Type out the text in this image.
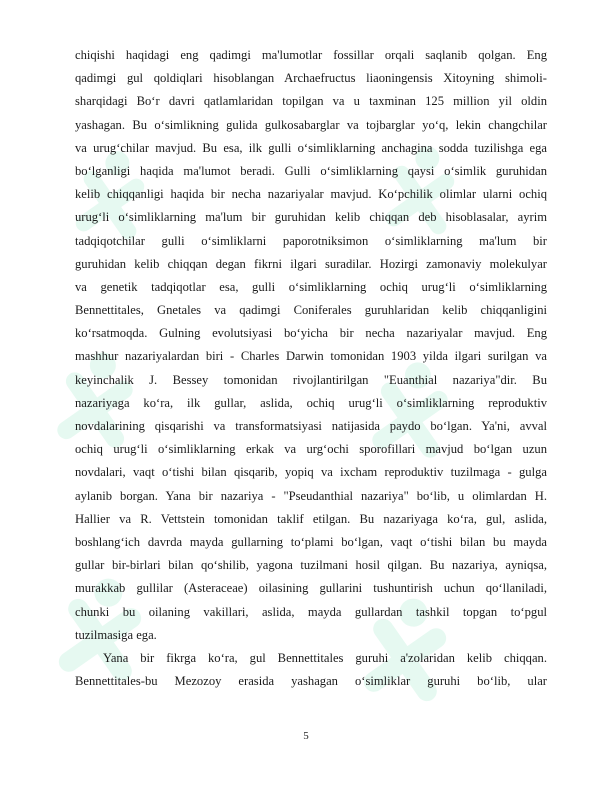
chiqishi haqidagi eng qadimgi ma'lumotlar fossillar orqali saqlanib qolgan. Eng
qadimgi gul qoldiqlari hisoblangan Archaefructus liaoningensis Xitoyning shimoli-
sharqidagi Bo‘r davri qatlamlaridan topilgan va u taxminan 125 million yil oldin
yashagan. Bu o‘simlikning gulida gulkosabarglar va tojbarglar yo‘q, lekin changchilar
va urug‘chilar mavjud. Bu esa, ilk gulli o‘simliklarning anchagina sodda tuzilishga ega
bo‘lganligi haqida ma'lumot beradi. Gulli o‘simliklarning qaysi o‘simlik guruhidan
kelib chiqqanligi haqida bir necha nazariyalar mavjud. Ko‘pchilik olimlar ularni ochiq
urug‘li o‘simliklarning ma'lum bir guruhidan kelib chiqqan deb hisoblasalar, ayrim
tadqiqotchilar gulli o‘simliklarni paporotniksimon o‘simliklarning ma'lum bir
guruhidan kelib chiqqan degan fikrni ilgari suradilar. Hozirgi zamonaviy molekulyar
va genetik tadqiqotlar esa, gulli o‘simliklarning ochiq urug‘li o‘simliklarning
Bennettitales, Gnetales va qadimgi Coniferales guruhlaridan kelib chiqqanligini
ko‘rsatmoqda. Gulning evolutsiyasi bo‘yicha bir necha nazariyalar mavjud. Eng
mashhur nazariyalardan biri - Charles Darwin tomonidan 1903 yilda ilgari surilgan va
keyinchalik J. Bessey tomonidan rivojlantirilgan "Euanthial nazariya"dir. Bu
nazariyaga ko‘ra, ilk gullar, aslida, ochiq urug‘li o‘simliklarning reproduktiv
novdalarining qisqarishi va transformatsiyasi natijasida paydo bo‘lgan. Ya'ni, avval
ochiq urug‘li o‘simliklarning erkak va urg‘ochi sporofillari mavjud bo‘lgan uzun
novdalari, vaqt o‘tishi bilan qisqarib, yopiq va ixcham reproduktiv tuzilmaga - gulga
aylanib borgan. Yana bir nazariya - "Pseudanthial nazariya" bo‘lib, u olimlardan H.
Hallier va R. Vettstein tomonidan taklif etilgan. Bu nazariyaga ko‘ra, gul, aslida,
boshlang‘ich davrda mayda gullarning to‘plami bo‘lgan, vaqt o‘tishi bilan bu mayda
gullar bir-birlari bilan qo‘shilib, yagona tuzilmani hosil qilgan. Bu nazariya, ayniqsa,
murakkab gullilar (Asteraceae) oilasining gullarini tushuntirish uchun qo‘llaniladi,
chunki bu oilaning vakillari, aslida, mayda gullardan tashkil topgan to‘pgul
tuzilmasiga ega.
Yana bir fikrga ko‘ra, gul Bennettitales guruhi a'zolaridan kelib chiqqan.
Bennettitales-bu Mezozoy erasida yashagan o‘simliklar guruhi bo‘lib, ular
5
